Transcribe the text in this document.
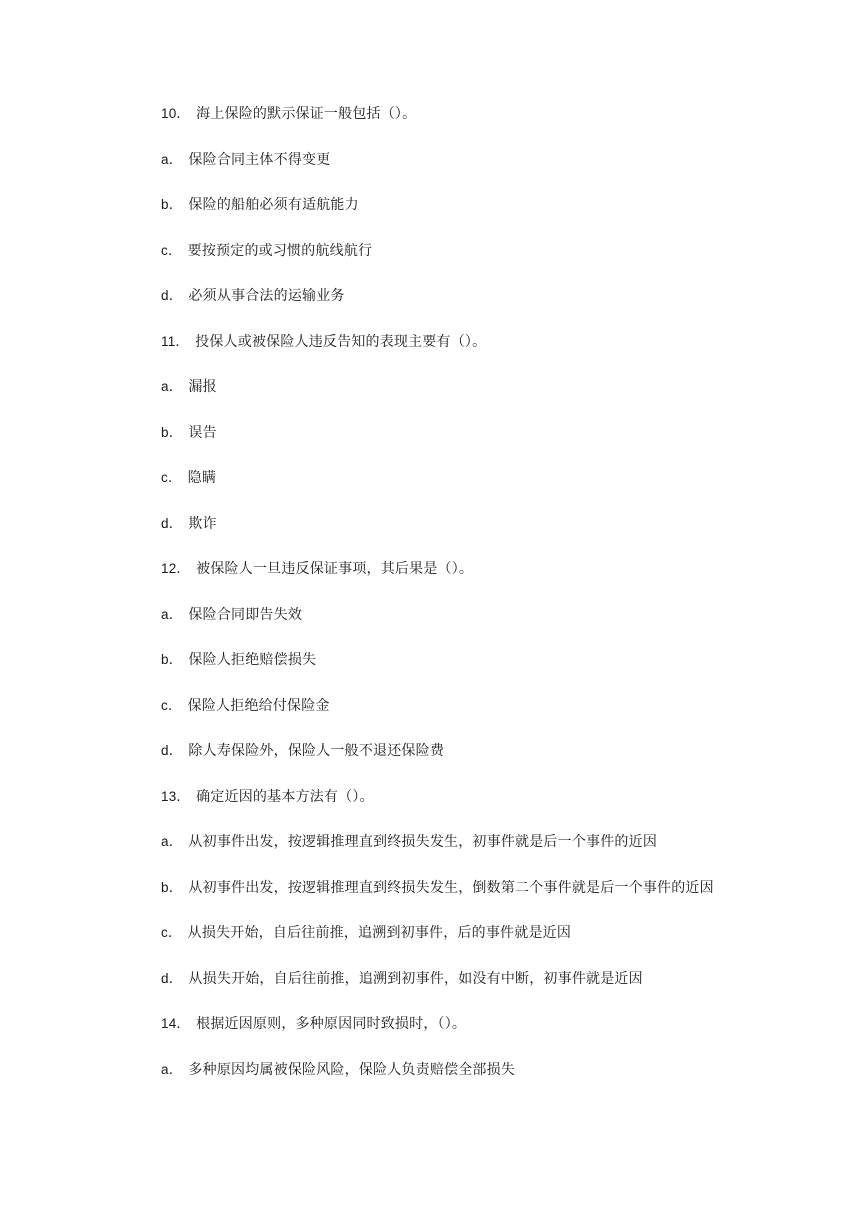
10． 海上保险的默示保证一般包括（）。

a． 保险合同主体不得变更

b． 保险的船舶必须有适航能力

c． 要按预定的或习惯的航线航行

d． 必须从事合法的运输业务

11． 投保人或被保险人违反告知的表现主要有（）。

a． 漏报

b． 误告

c． 隐瞒

d． 欺诈

12． 被保险人一旦违反保证事项，其后果是（）。

a． 保险合同即告失效

b． 保险人拒绝赔偿损失

c． 保险人拒绝给付保险金

d． 除人寿保险外，保险人一般不退还保险费

13． 确定近因的基本方法有（）。

a． 从初事件出发，按逻辑推理直到终损失发生，初事件就是后一个事件的近因

b． 从初事件出发，按逻辑推理直到终损失发生，倒数第二个事件就是后一个事件的近因

c． 从损失开始，自后往前推，追溯到初事件，后的事件就是近因

d． 从损失开始，自后往前推，追溯到初事件，如没有中断，初事件就是近因

14． 根据近因原则，多种原因同时致损时，（）。

a． 多种原因均属被保险风险，保险人负责赔偿全部损失
